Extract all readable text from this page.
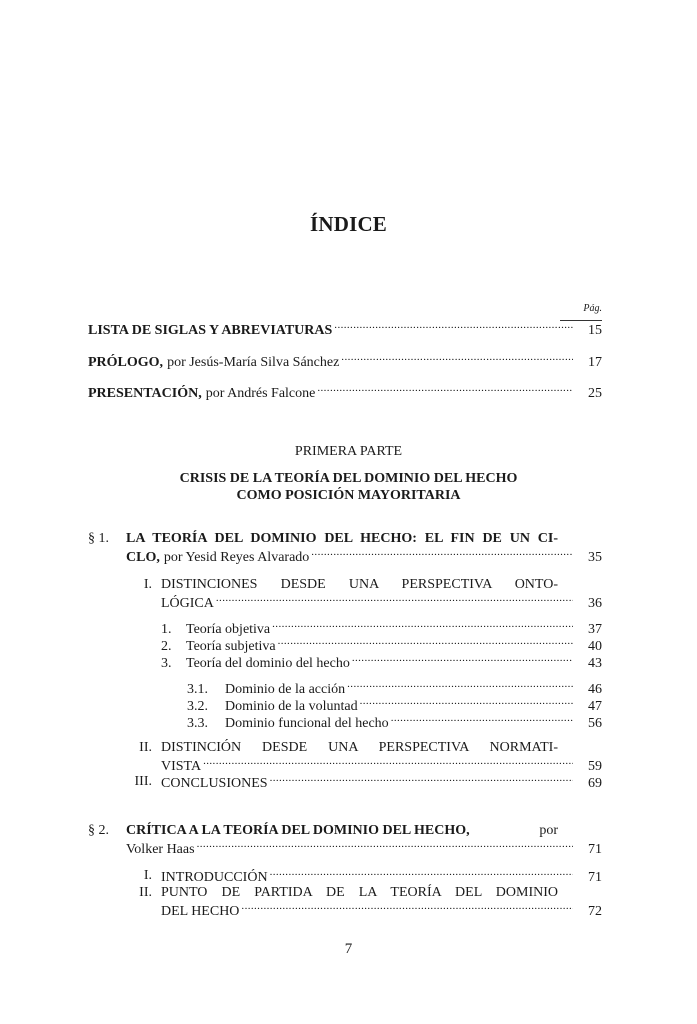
ÍNDICE
Pág.
LISTA DE SIGLAS Y ABREVIATURAS .....	15
PRÓLOGO, por Jesús-María Silva Sánchez .....	17
PRESENTACIÓN, por Andrés Falcone .....	25
PRIMERA PARTE
CRISIS DE LA TEORÍA DEL DOMINIO DEL HECHO
COMO POSICIÓN MAYORITARIA
§ 1. LA TEORÍA DEL DOMINIO DEL HECHO: EL FIN DE UN CI-
CLO, por Yesid Reyes Alvarado .....	35
I. DISTINCIONES DESDE UNA PERSPECTIVA ONTO-
LÓGICA .....	36
1.	Teoría objetiva .....	37
2.	Teoría subjetiva .....	40
3.	Teoría del dominio del hecho .....	43
3.1.	Dominio de la acción .....	46
3.2.	Dominio de la voluntad .....	47
3.3.	Dominio funcional del hecho .....	56
II. DISTINCIÓN DESDE UNA PERSPECTIVA NORMATI-
VISTA .....	59
III. CONCLUSIONES .....	69
§ 2. CRÍTICA A LA TEORÍA DEL DOMINIO DEL HECHO,	por
Volker Haas .....	71
I. INTRODUCCIÓN .....	71
II. PUNTO DE PARTIDA DE LA TEORÍA DEL DOMINIO
DEL HECHO .....	72
7
